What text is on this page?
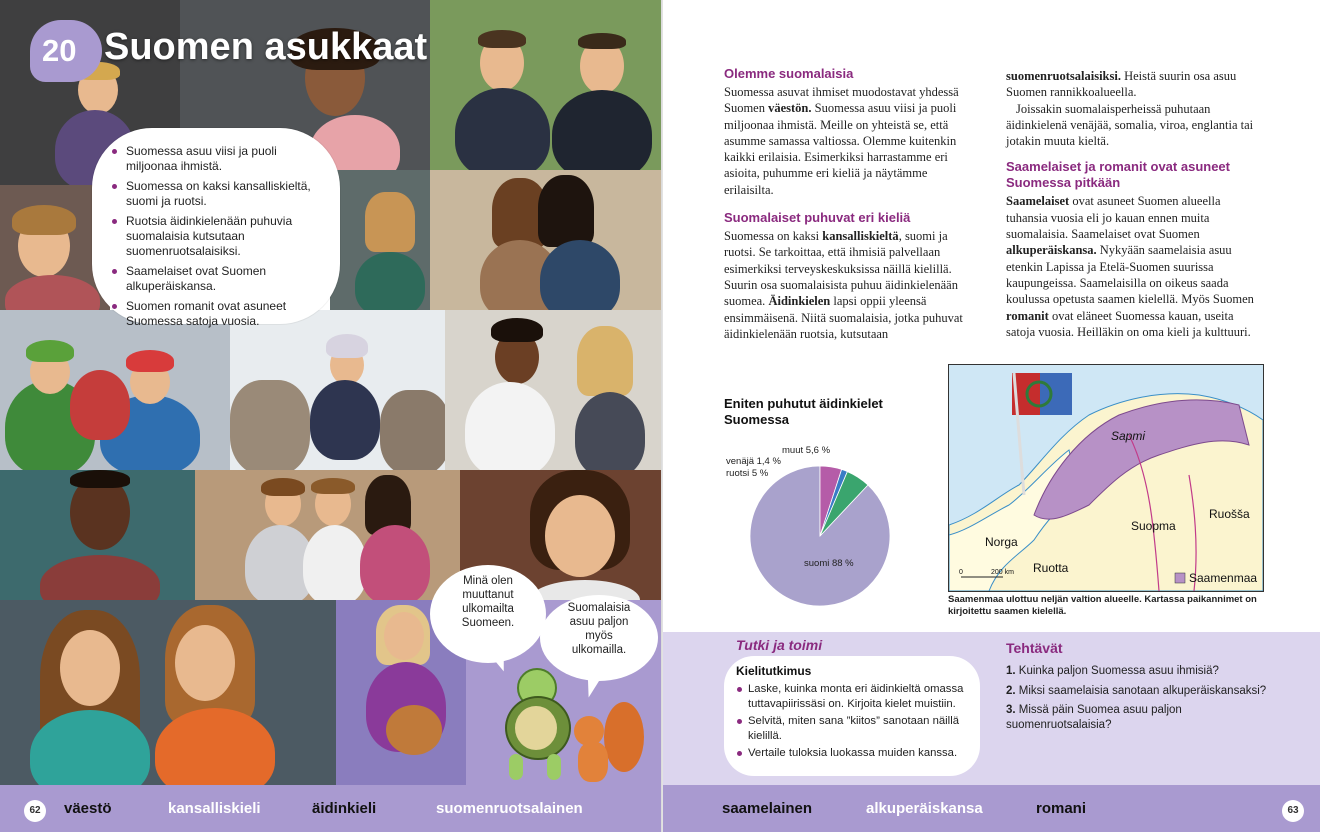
20 Suomen asukkaat
Suomessa asuu viisi ja puoli miljoonaa ihmistä.
Suomessa on kaksi kansalliskieltä, suomi ja ruotsi.
Ruotsia äidinkielenään puhuvia suomalaisia kutsutaan suomenruotsalaisiksi.
Saamelaiset ovat Suomen alkuperäiskansa.
Suomen romanit ovat asuneet Suomessa satoja vuosia.
Minä olen muuttanut ulkomailta Suomeen.
Suomalaisia asuu paljon myös ulkomailla.
Olemme suomalaisia

Suomessa asuvat ihmiset muodostavat yhdessä Suomen väestön. Suomessa asuu viisi ja puoli miljoonaa ihmistä. Meille on yhteistä se, että asumme samassa valtiossa. Olemme kuitenkin kaikki erilaisia. Esimerkiksi harrastamme eri asioita, puhumme eri kieliä ja näytämme erilaisilta.

Suomalaiset puhuvat eri kieliä

Suomessa on kaksi kansalliskieltä, suomi ja ruotsi. Se tarkoittaa, että ihmisiä palvellaan esimerkiksi terveyskeskuksissa näillä kielillä. Suurin osa suomalaisista puhuu äidinkielenään suomea. Äidinkielen lapsi oppii yleensä ensimmäisenä. Niitä suomalaisia, jotka puhuvat äidinkielenään ruotsia, kutsutaan

suomenruotsalaisiksi. Heistä suurin osa asuu Suomen rannikkoalueella.

Joissakin suomalaisperheissä puhutaan äidinkielenä venäjää, somalia, viroa, englantia tai jotakin muuta kieltä.

Saamelaiset ja romanit ovat asuneet Suomessa pitkään

Saamelaiset ovat asuneet Suomen alueella tuhansia vuosia eli jo kauan ennen muita suomalaisia. Saamelaiset ovat Suomen alkuperäiskansa. Nykyään saamelaisia asuu etenkin Lapissa ja Etelä-Suomen suurissa kaupungeissa. Saamelaisilla on oikeus saada koulussa opetusta saamen kielellä. Myös Suomen romanit ovat eläneet Suomessa kauan, useita satoja vuosia. Heilläkin on oma kieli ja kulttuuri.

Eniten puhutut äidinkielet Suomessa
muut 5,6 %
venäjä 1,4 %
ruotsi 5 %
suomi 88 %
Sapmi
Norga
Ruotta
Suopma
Ruošša
200 km
0	Saamenmaa
Saamenmaa ulottuu neljän valtion alueelle. Kartassa paikannimet on kirjoitettu saamen kielellä.
Tutki ja toimi
Kielitutkimus
Laske, kuinka monta eri äidinkieltä omassa tuttavapiirissäsi on. Kirjoita kielet muistiin.
Selvitä, miten sana ”kiitos” sanotaan näillä kielillä.
Vertaile tuloksia luokassa muiden kanssa.
Tehtävät
1. Kuinka paljon Suomessa asuu ihmisiä?
2. Miksi saamelaisia sanotaan alkuperäiskansaksi?
3. Missä päin Suomea asuu paljon suomenruotsalaisia?
62	väestö	kansalliskieli	äidinkieli	suomenruotsalainen	saamelainen	alkuperäiskansa	romani	63
